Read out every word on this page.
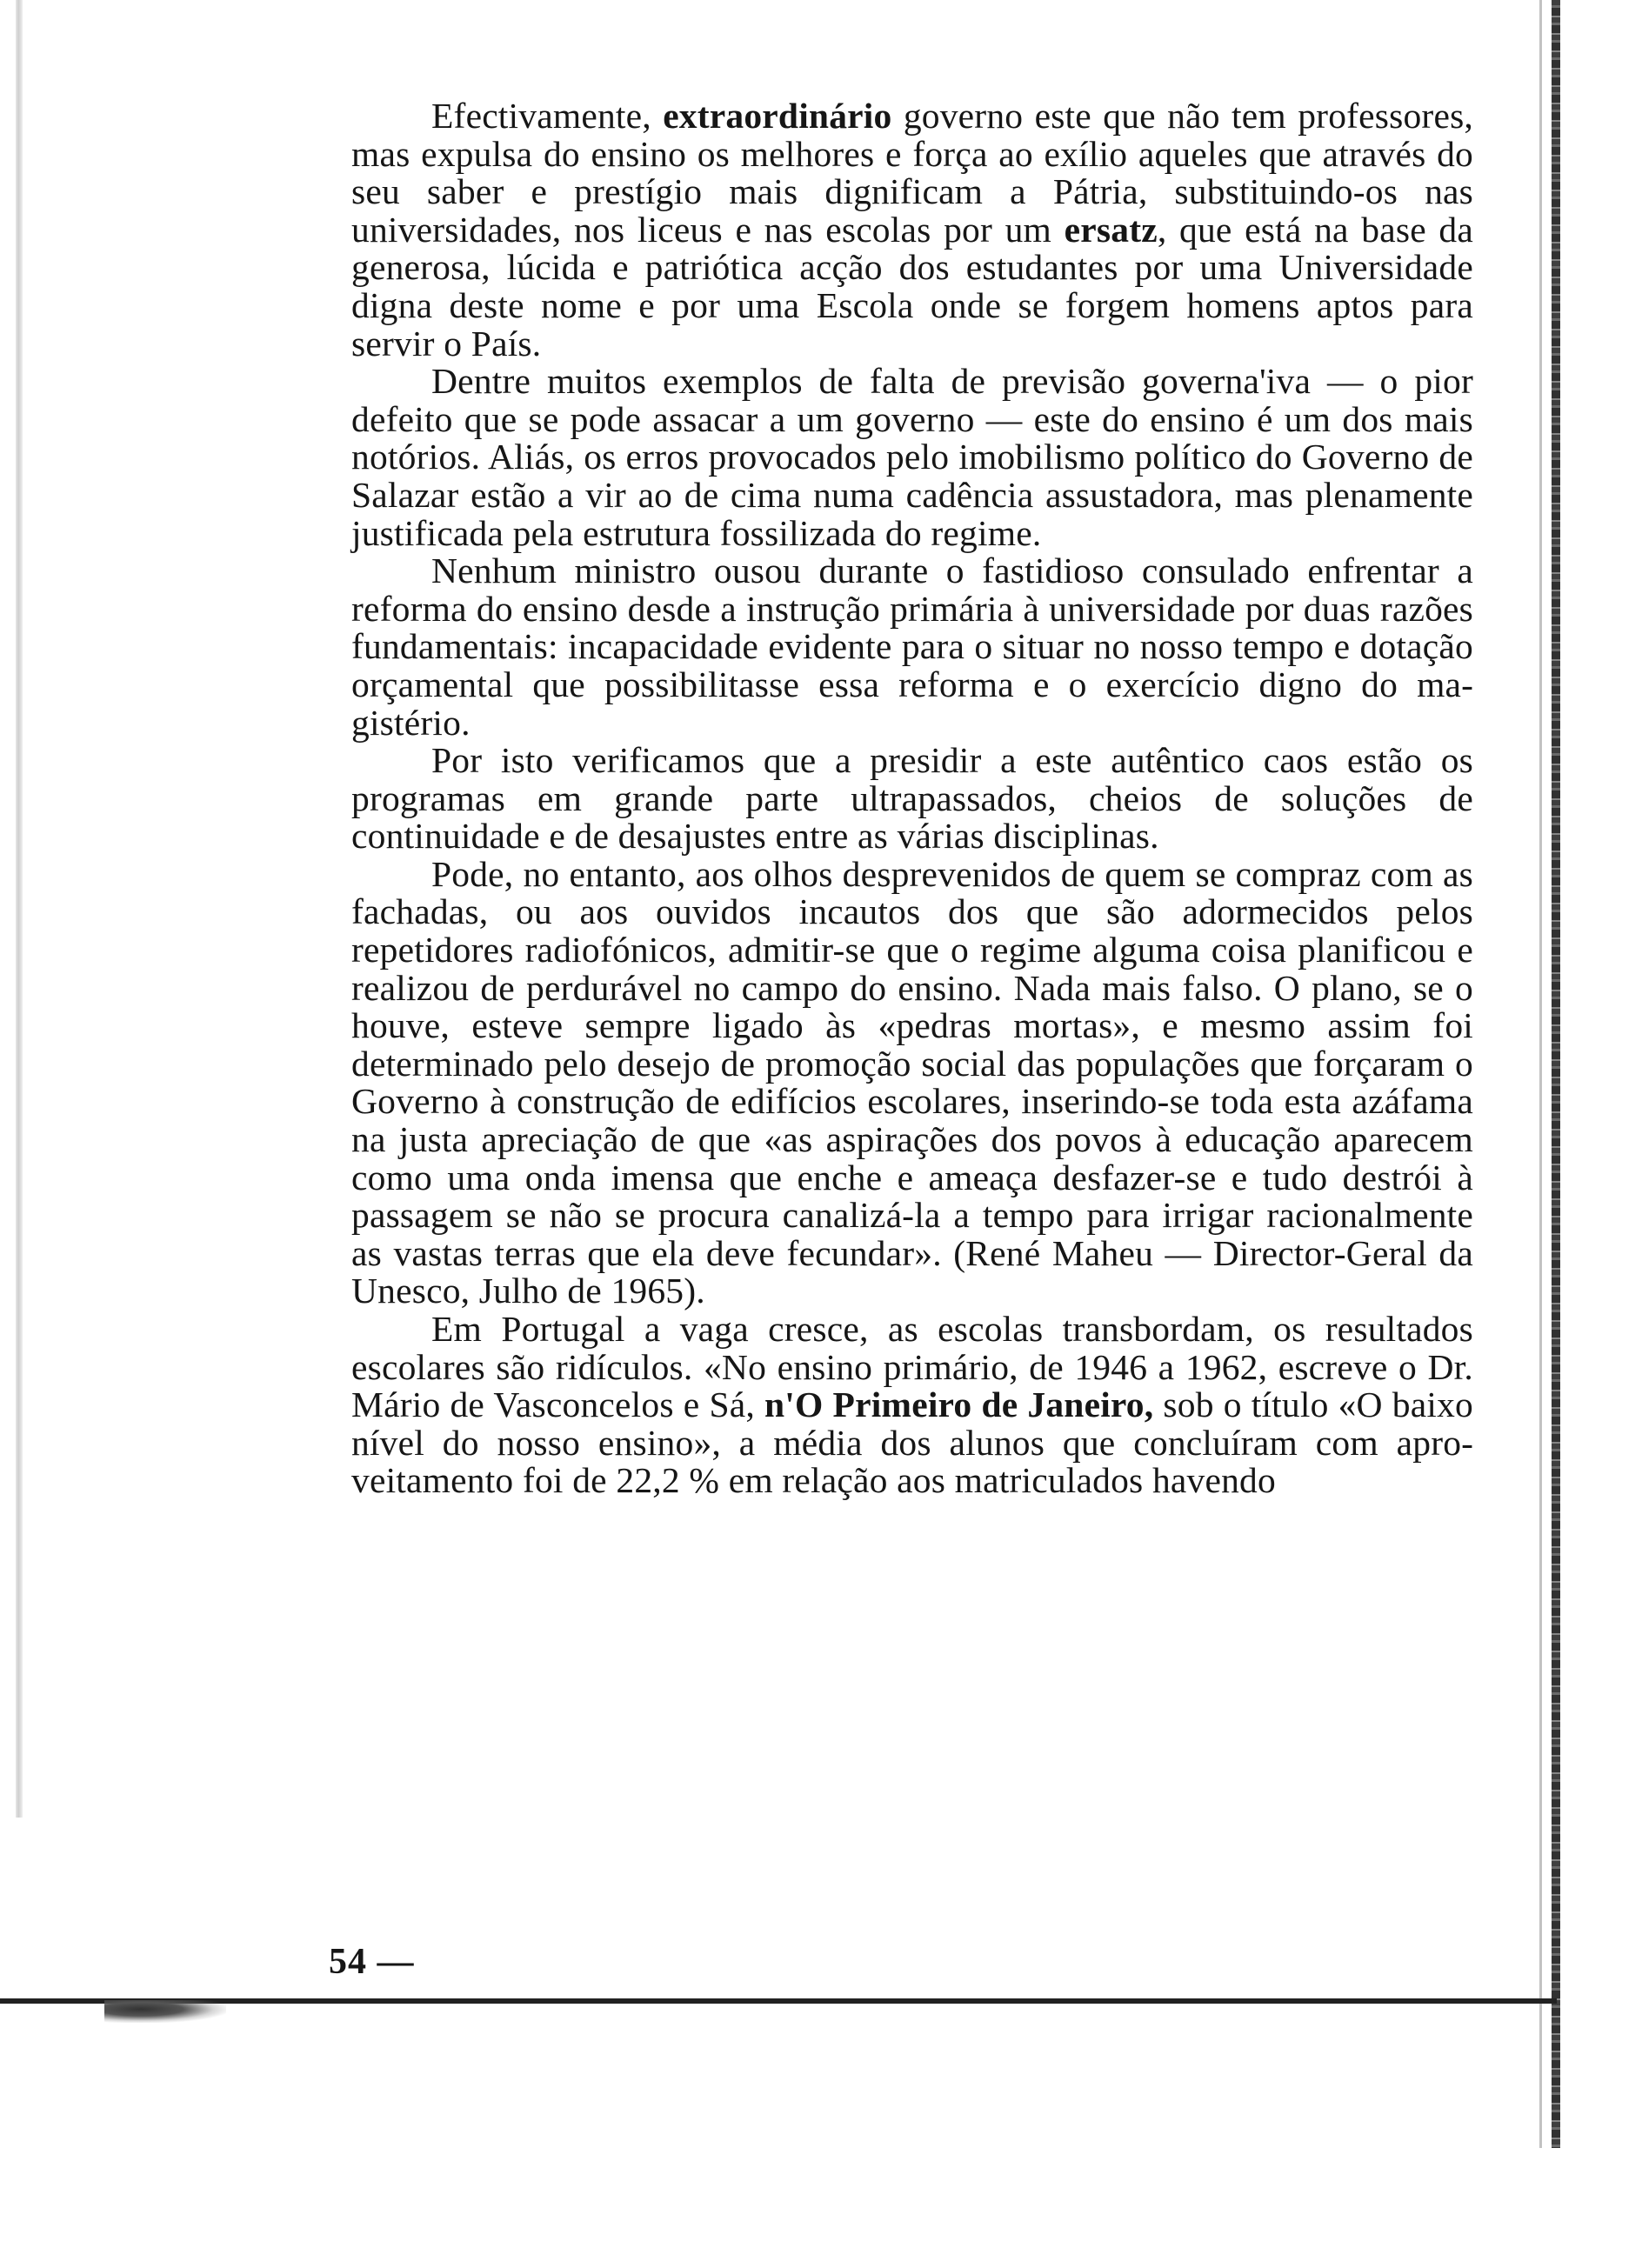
Efectivamente, extraordinário governo este que não tem professores, mas expulsa do ensino os melhores e força ao exílio aqueles que através do seu saber e prestígio mais dignificam a Pátria, substituindo-os nas universidades, nos liceus e nas escolas por um ersatz, que está na base da generosa, lúcida e patriótica acção dos estudantes por uma Universidade digna deste nome e por uma Escola onde se forgem homens aptos para servir o País.

Dentre muitos exemplos de falta de previsão governa'iva — o pior defeito que se pode assacar a um governo — este do ensino é um dos mais notórios. Aliás, os erros provocados pelo imobilismo político do Governo de Salazar estão a vir ao de cima numa cadência assustadora, mas plenamente justificada pela estrutura fossilizada do regime.

Nenhum ministro ousou durante o fastidioso consulado enfrentar a reforma do ensino desde a instrução primária à universidade por duas razões fundamentais: incapacidade evidente para o situar no nosso tempo e dotação orçamental que possibilitasse essa reforma e o exercício digno do magistério.

Por isto verificamos que a presidir a este autêntico caos estão os programas em grande parte ultrapassados, cheios de soluções de continuidade e de desajustes entre as várias disciplinas.

Pode, no entanto, aos olhos desprevenidos de quem se compraz com as fachadas, ou aos ouvidos incautos dos que são adormecidos pelos repetidores radiofónicos, admitir-se que o regime alguma coisa planificou e realizou de perdurável no campo do ensino. Nada mais falso. O plano, se o houve, esteve sempre ligado às «pedras mortas», e mesmo assim foi determinado pelo desejo de promoção social das populações que forçaram o Governo à construção de edifícios escolares, inserindo-se toda esta azáfama na justa apreciação de que «as aspirações dos povos à educação aparecem como uma onda imensa que enche e ameaça desfazer-se e tudo destrói à passagem se não se procura canalizá-la a tempo para irrigar racionalmente as vastas terras que ela deve fecundar». (René Maheu — Director-Geral da Unesco, Julho de 1965).

Em Portugal a vaga cresce, as escolas transbordam, os resultados escolares são ridículos. «No ensino primário, de 1946 a 1962, escreve o Dr. Mário de Vasconcelos e Sá, n'O Primeiro de Janeiro, sob o título «O baixo nível do nosso ensino», a média dos alunos que concluíram com aproveitamento foi de 22,2 % em relação aos matriculados havendo

54 —
